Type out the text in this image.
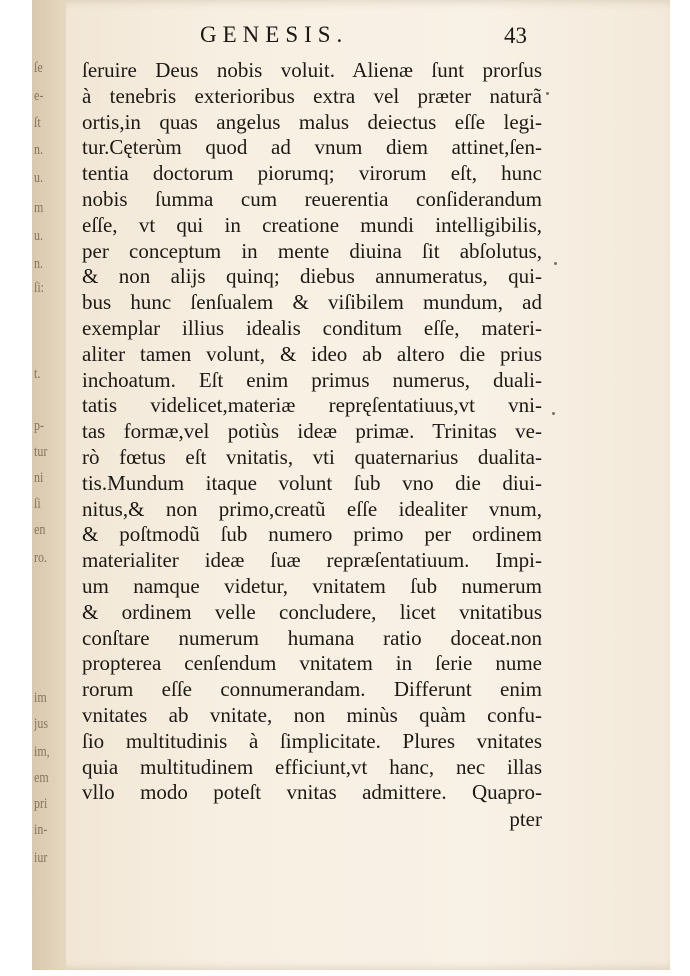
ſe
e-
ſt
n.
u.
m
u.
n.
ſi:
t.
p-
tur
ni
ſi
en
ro.
im
jus
im,
em
pri
in-
iur
GENESIS.	43
ſeruire Deus nobis voluit. Alienæ ſunt prorſus
à tenebris exterioribus extra vel præter naturã
ortis,in quas angelus malus deiectus eſſe legi-
tur.Cęterùm quod ad vnum diem attinet,ſen-
tentia doctorum piorumq; virorum eſt, hunc
nobis ſumma cum reuerentia conſiderandum
eſſe, vt qui in creatione mundi intelligibilis,
per conceptum in mente diuina ſit abſolutus,
& non alijs quinq; diebus annumeratus, qui-
bus hunc ſenſualem & viſibilem mundum, ad
exemplar illius idealis conditum eſſe, materi-
aliter tamen volunt, & ideo ab altero die prius
inchoatum. Eſt enim primus numerus, duali-
tatis videlicet,materiæ repręſentatiuus,vt vni-
tas formæ,vel potiùs ideæ primæ. Trinitas ve-
rò fœtus eſt vnitatis, vti quaternarius dualita-
tis.Mundum itaque volunt ſub vno die diui-
nitus,& non primo,creatũ eſſe idealiter vnum,
& poſtmodũ ſub numero primo per ordinem
materialiter ideæ ſuæ repræſentatiuum. Impi-
um namque videtur, vnitatem ſub numerum
& ordinem velle concludere, licet vnitatibus
conſtare numerum humana ratio doceat.non
propterea cenſendum vnitatem in ſerie nume
rorum eſſe connumerandam. Differunt enim
vnitates ab vnitate, non minùs quàm confu-
ſio multitudinis à ſimplicitate. Plures vnitates
quia multitudinem efficiunt,vt hanc, nec illas
vllo modo poteſt vnitas admittere. Quapro-
pter
